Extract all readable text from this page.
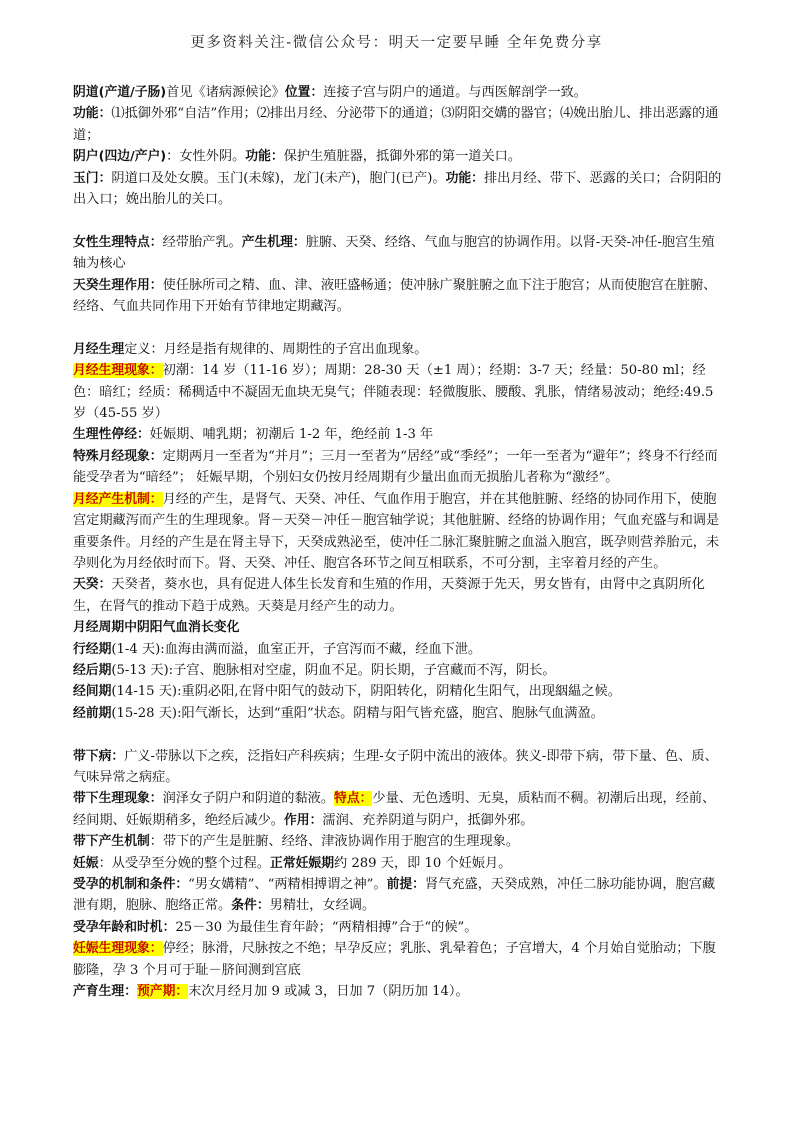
更多资料关注-微信公众号：明天一定要早睡 全年免费分享

阴道(产道/子肠)首见《诸病源候论》位置：连接子宫与阴户的通道。与西医解剖学一致。

功能：⑴抵御外邪“自洁”作用；⑵排出月经、分泌带下的通道；⑶阴阳交媾的器官；⑷娩出胎儿、排出恶露的通道；

阴户(四边/产户)：女性外阴。功能：保护生殖脏器，抵御外邪的第一道关口。

玉门：阴道口及处女膜。玉门(未嫁)，龙门(未产)，胞门(已产)。功能：排出月经、带下、恶露的关口；合阴阳的出入口；娩出胎儿的关口。

女性生理特点：经带胎产乳。产生机理：脏腑、天癸、经络、气血与胞宫的协调作用。以肾-天癸-冲任-胞宫生殖轴为核心

天癸生理作用：使任脉所司之精、血、津、液旺盛畅通；使冲脉广聚脏腑之血下注于胞宫；从而使胞宫在脏腑、经络、气血共同作用下开始有节律地定期藏泻。

月经生理定义：月经是指有规律的、周期性的子宫出血现象。

月经生理现象：初潮：14 岁（11-16 岁）；周期：28-30 天（±1 周）；经期：3-7 天；经量：50-80 ml；经色：暗红；经质：稀稠适中不凝固无血块无臭气；伴随表现：轻微腹胀、腰酸、乳胀，情绪易波动；绝经:49.5 岁（45-55 岁）

生理性停经：妊娠期、哺乳期；初潮后 1-2 年，绝经前 1-3 年

特殊月经现象：定期两月一至者为“并月”；三月一至者为“居经”或“季经”；一年一至者为“避年”；终身不行经而能受孕者为“暗经”； 妊娠早期，个别妇女仍按月经周期有少量出血而无损胎儿者称为“激经”。

月经产生机制：月经的产生，是肾气、天癸、冲任、气血作用于胞宫，并在其他脏腑、经络的协同作用下，使胞宫定期藏泻而产生的生理现象。肾－天癸－冲任－胞宫轴学说；其他脏腑、经络的协调作用；气血充盛与和调是重要条件。月经的产生是在肾主导下，天癸成熟泌至，使冲任二脉汇聚脏腑之血溢入胞宫，既孕则营养胎元，未孕则化为月经依时而下。肾、天癸、冲任、胞宫各环节之间互相联系，不可分割，主宰着月经的产生。

天癸：天癸者，葵水也，具有促进人体生长发育和生殖的作用，天葵源于先天，男女皆有，由肾中之真阴所化生，在肾气的推动下趋于成熟。天葵是月经产生的动力。

月经周期中阴阳气血消长变化

行经期(1-4 天):血海由满而溢，血室正开，子宫泻而不藏，经血下泄。

经后期(5-13 天):子宫、胞脉相对空虚，阴血不足。阴长期，子宫藏而不泻，阴长。

经间期(14-15 天):重阴必阳,在肾中阳气的鼓动下，阴阳转化，阴精化生阳气，出现絪緼之候。

经前期(15-28 天):阳气渐长，达到“重阳”状态。阴精与阳气皆充盛，胞宫、胞脉气血满盈。

带下病：广义-带脉以下之疾，泛指妇产科疾病；生理-女子阴中流出的液体。狭义-即带下病，带下量、色、质、气味异常之病症。

带下生理现象：润泽女子阴户和阴道的黏液。特点：少量、无色透明、无臭，质粘而不稠。初潮后出现，经前、经间期、妊娠期稍多，绝经后减少。作用：濡润、充养阴道与阴户，抵御外邪。

带下产生机制：带下的产生是脏腑、经络、津液协调作用于胞宫的生理现象。

妊娠：从受孕至分娩的整个过程。正常妊娠期约 289 天，即 10 个妊娠月。

受孕的机制和条件：“男女媾精”、“两精相搏谓之神”。前提：肾气充盛，天癸成熟，冲任二脉功能协调，胞宫藏泄有期，胞脉、胞络正常。条件：男精壮，女经调。

受孕年龄和时机：25－30 为最佳生育年龄；“两精相搏”合于“的候”。

妊娠生理现象：停经；脉滑，尺脉按之不绝；早孕反应；乳胀、乳晕着色；子宫增大，4 个月始自觉胎动；下腹膨隆，孕 3 个月可于耻－脐间测到宫底

产育生理：预产期：末次月经月加 9 或减 3，日加 7（阴历加 14）。
